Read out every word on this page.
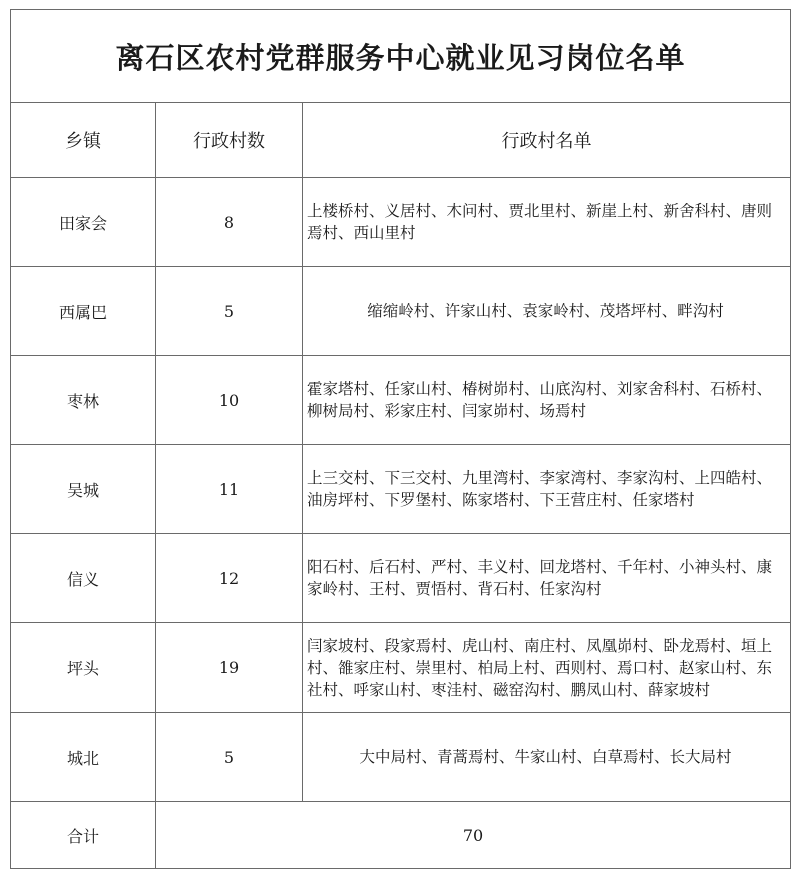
离石区农村党群服务中心就业见习岗位名单		
乡镇	行政村数	行政村名单
田家会	8	上楼桥村、义居村、木问村、贾北里村、新崖上村、新舍科村、唐则焉村、西山里村
西属巴	5	缩缩岭村、许家山村、袁家岭村、茂塔坪村、畔沟村
枣林	10	霍家塔村、任家山村、椿树峁村、山底沟村、刘家舍科村、石桥村、柳树局村、彩家庄村、闫家峁村、场焉村
吴城	11	上三交村、下三交村、九里湾村、李家湾村、李家沟村、上四皓村、油房坪村、下罗堡村、陈家塔村、下王营庄村、任家塔村
信义	12	阳石村、后石村、严村、丰义村、回龙塔村、千年村、小神头村、康家岭村、王村、贾悟村、背石村、任家沟村
坪头	19	闫家坡村、段家焉村、虎山村、南庄村、凤凰峁村、卧龙焉村、垣上村、雒家庄村、崇里村、柏局上村、西则村、焉口村、赵家山村、东社村、呼家山村、枣洼村、磁窑沟村、鹏凤山村、薛家坡村
城北	5	大中局村、青蒿焉村、牛家山村、白草焉村、长大局村
合计	70	
